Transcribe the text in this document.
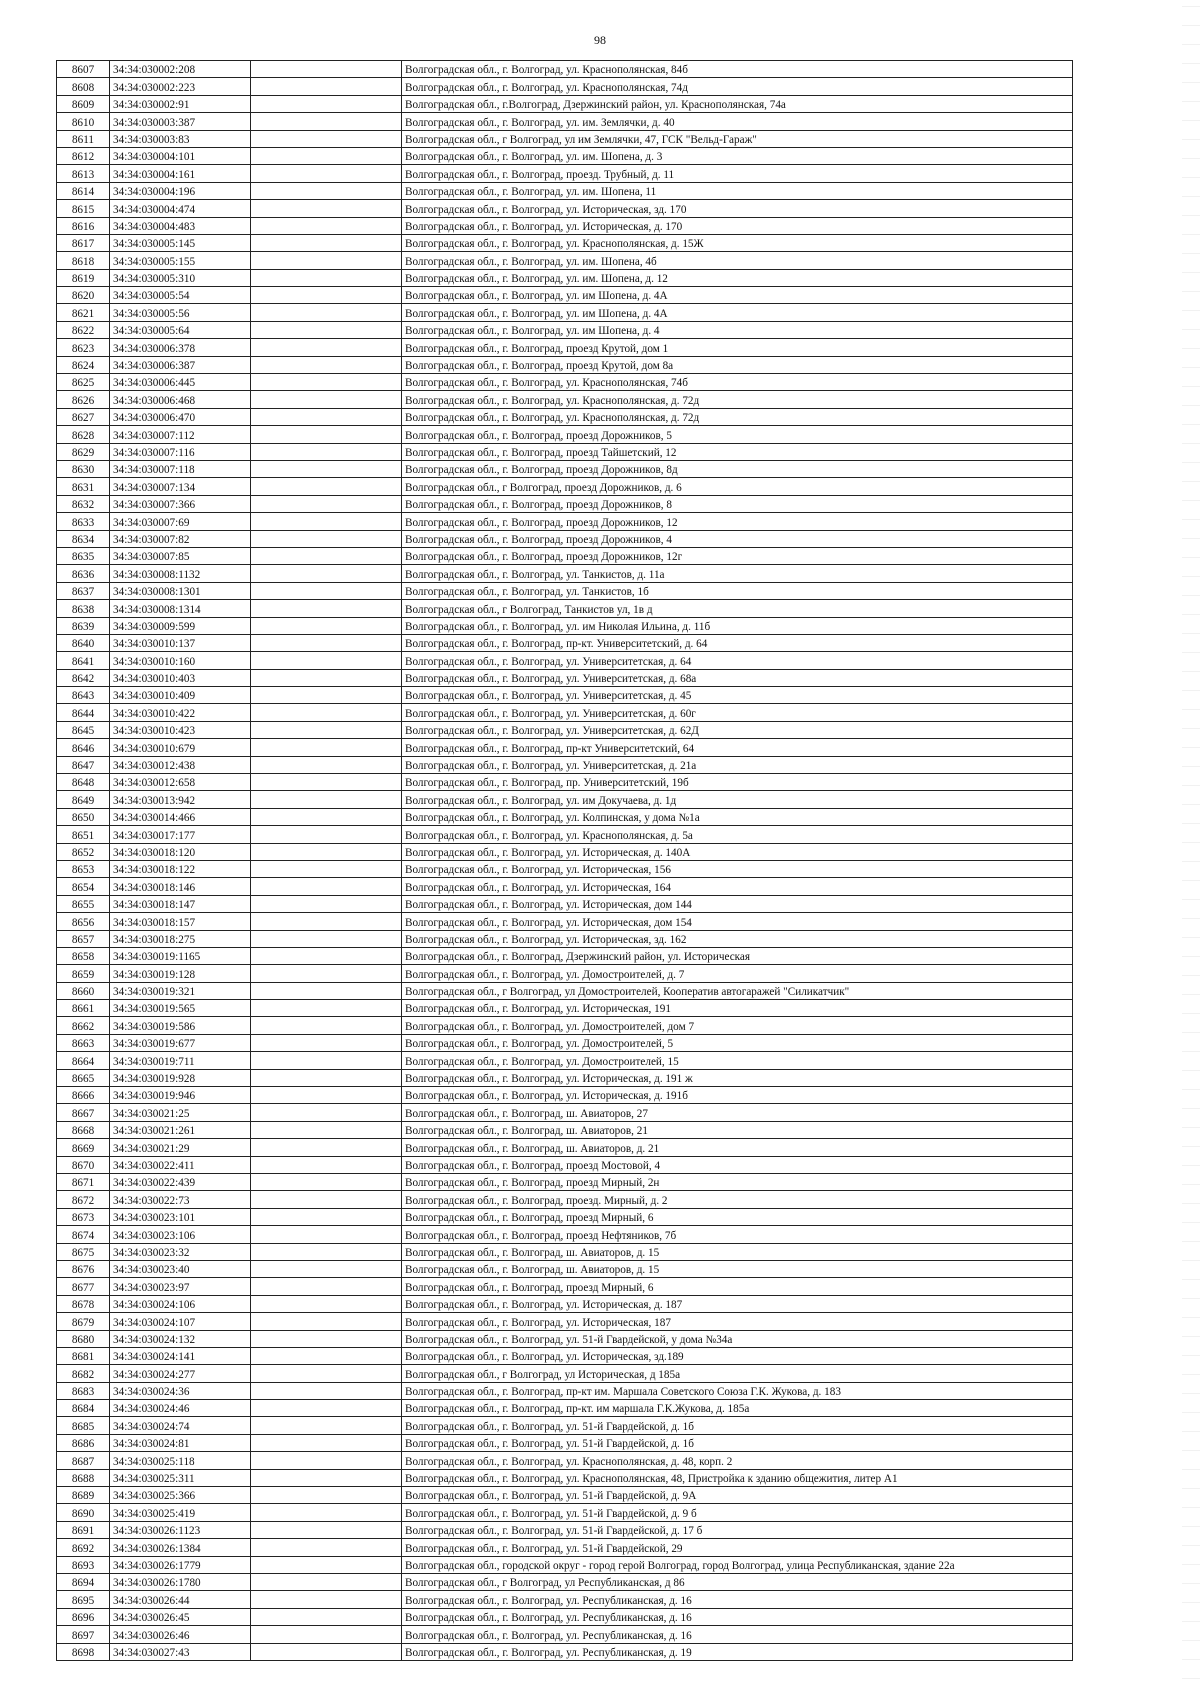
98
8607	34:34:030002:208		Волгоградская обл., г. Волгоград, ул. Краснополянская, 84б
8608	34:34:030002:223		Волгоградская обл., г. Волгоград, ул. Краснополянская, 74д
8609	34:34:030002:91		Волгоградская обл., г.Волгоград, Дзержинский район, ул. Краснополянская, 74а
8610	34:34:030003:387		Волгоградская обл., г. Волгоград, ул. им. Землячки, д. 40
8611	34:34:030003:83		Волгоградская обл., г Волгоград, ул им Землячки, 47, ГСК "Вельд-Гараж"
8612	34:34:030004:101		Волгоградская обл., г. Волгоград, ул. им. Шопена, д. 3
8613	34:34:030004:161		Волгоградская обл., г. Волгоград, проезд. Трубный, д. 11
8614	34:34:030004:196		Волгоградская обл., г. Волгоград, ул. им. Шопена, 11
8615	34:34:030004:474		Волгоградская обл., г. Волгоград, ул. Историческая, зд. 170
8616	34:34:030004:483		Волгоградская обл., г. Волгоград, ул. Историческая, д. 170
8617	34:34:030005:145		Волгоградская обл., г. Волгоград, ул. Краснополянская, д. 15Ж
8618	34:34:030005:155		Волгоградская обл., г. Волгоград, ул. им. Шопена, 4б
8619	34:34:030005:310		Волгоградская обл., г. Волгоград, ул. им. Шопена, д. 12
8620	34:34:030005:54		Волгоградская обл., г. Волгоград, ул. им Шопена, д. 4А
8621	34:34:030005:56		Волгоградская обл., г. Волгоград, ул. им Шопена, д. 4А
8622	34:34:030005:64		Волгоградская обл., г. Волгоград, ул. им Шопена, д. 4
8623	34:34:030006:378		Волгоградская обл., г. Волгоград, проезд Крутой, дом 1
8624	34:34:030006:387		Волгоградская обл., г. Волгоград, проезд Крутой, дом 8а
8625	34:34:030006:445		Волгоградская обл., г. Волгоград, ул. Краснополянская, 74б
8626	34:34:030006:468		Волгоградская обл., г. Волгоград, ул. Краснополянская, д. 72д
8627	34:34:030006:470		Волгоградская обл., г. Волгоград, ул. Краснополянская, д. 72д
8628	34:34:030007:112		Волгоградская обл., г. Волгоград, проезд Дорожников, 5
8629	34:34:030007:116		Волгоградская обл., г. Волгоград, проезд Тайшетский, 12
8630	34:34:030007:118		Волгоградская обл., г. Волгоград, проезд Дорожников, 8д
8631	34:34:030007:134		Волгоградская обл., г Волгоград, проезд Дорожников, д. 6
8632	34:34:030007:366		Волгоградская обл., г. Волгоград, проезд Дорожников, 8
8633	34:34:030007:69		Волгоградская обл., г. Волгоград, проезд Дорожников, 12
8634	34:34:030007:82		Волгоградская обл., г. Волгоград, проезд Дорожников, 4
8635	34:34:030007:85		Волгоградская обл., г. Волгоград, проезд Дорожников, 12г
8636	34:34:030008:1132		Волгоградская обл., г. Волгоград, ул. Танкистов, д. 11а
8637	34:34:030008:1301		Волгоградская обл., г. Волгоград, ул. Танкистов, 1б
8638	34:34:030008:1314		Волгоградская обл., г Волгоград, Танкистов ул, 1в д
8639	34:34:030009:599		Волгоградская обл., г. Волгоград, ул. им Николая Ильина, д. 11б
8640	34:34:030010:137		Волгоградская обл., г. Волгоград, пр-кт. Университетский, д. 64
8641	34:34:030010:160		Волгоградская обл., г. Волгоград, ул. Университетская, д. 64
8642	34:34:030010:403		Волгоградская обл., г. Волгоград, ул. Университетская, д. 68а
8643	34:34:030010:409		Волгоградская обл., г. Волгоград, ул. Университетская, д. 45
8644	34:34:030010:422		Волгоградская обл., г. Волгоград, ул. Университетская, д. 60г
8645	34:34:030010:423		Волгоградская обл., г. Волгоград, ул. Университетская, д. 62Д
8646	34:34:030010:679		Волгоградская обл., г. Волгоград, пр-кт Университетский, 64
8647	34:34:030012:438		Волгоградская обл., г. Волгоград, ул. Университетская, д. 21а
8648	34:34:030012:658		Волгоградская обл., г. Волгоград, пр. Университетский, 19б
8649	34:34:030013:942		Волгоградская обл., г. Волгоград, ул. им Докучаева, д. 1д
8650	34:34:030014:466		Волгоградская обл., г. Волгоград, ул. Колпинская, у дома №1а
8651	34:34:030017:177		Волгоградская обл., г. Волгоград, ул. Краснополянская, д. 5а
8652	34:34:030018:120		Волгоградская обл., г. Волгоград, ул. Историческая, д. 140А
8653	34:34:030018:122		Волгоградская обл., г. Волгоград, ул. Историческая, 156
8654	34:34:030018:146		Волгоградская обл., г. Волгоград, ул. Историческая, 164
8655	34:34:030018:147		Волгоградская обл., г. Волгоград, ул. Историческая, дом 144
8656	34:34:030018:157		Волгоградская обл., г. Волгоград, ул. Историческая, дом 154
8657	34:34:030018:275		Волгоградская обл., г. Волгоград, ул. Историческая, зд. 162
8658	34:34:030019:1165		Волгоградская обл., г. Волгоград, Дзержинский район, ул. Историческая
8659	34:34:030019:128		Волгоградская обл., г. Волгоград, ул. Домостроителей, д. 7
8660	34:34:030019:321		Волгоградская обл., г Волгоград, ул Домостроителей, Кооператив автогаражей "Силикатчик"
8661	34:34:030019:565		Волгоградская обл., г. Волгоград, ул. Историческая, 191
8662	34:34:030019:586		Волгоградская обл., г. Волгоград, ул. Домостроителей, дом 7
8663	34:34:030019:677		Волгоградская обл., г. Волгоград, ул. Домостроителей, 5
8664	34:34:030019:711		Волгоградская обл., г. Волгоград, ул. Домостроителей, 15
8665	34:34:030019:928		Волгоградская обл., г. Волгоград, ул. Историческая, д. 191 ж
8666	34:34:030019:946		Волгоградская обл., г. Волгоград, ул. Историческая, д. 191б
8667	34:34:030021:25		Волгоградская обл., г. Волгоград, ш. Авиаторов, 27
8668	34:34:030021:261		Волгоградская обл., г. Волгоград, ш. Авиаторов, 21
8669	34:34:030021:29		Волгоградская обл., г. Волгоград, ш. Авиаторов, д. 21
8670	34:34:030022:411		Волгоградская обл., г. Волгоград, проезд Мостовой, 4
8671	34:34:030022:439		Волгоградская обл., г. Волгоград, проезд Мирный, 2н
8672	34:34:030022:73		Волгоградская обл., г. Волгоград, проезд. Мирный, д. 2
8673	34:34:030023:101		Волгоградская обл., г. Волгоград, проезд Мирный, 6
8674	34:34:030023:106		Волгоградская обл., г. Волгоград, проезд Нефтяников, 7б
8675	34:34:030023:32		Волгоградская обл., г. Волгоград, ш. Авиаторов, д. 15
8676	34:34:030023:40		Волгоградская обл., г. Волгоград, ш. Авиаторов, д. 15
8677	34:34:030023:97		Волгоградская обл., г. Волгоград, проезд Мирный, 6
8678	34:34:030024:106		Волгоградская обл., г. Волгоград, ул. Историческая, д. 187
8679	34:34:030024:107		Волгоградская обл., г. Волгоград, ул. Историческая, 187
8680	34:34:030024:132		Волгоградская обл., г. Волгоград, ул. 51-й Гвардейской, у дома №34а
8681	34:34:030024:141		Волгоградская обл., г. Волгоград, ул. Историческая, зд.189
8682	34:34:030024:277		Волгоградская обл., г Волгоград, ул Историческая, д 185а
8683	34:34:030024:36		Волгоградская обл., г. Волгоград, пр-кт им. Маршала Советского Союза Г.К. Жукова, д. 183
8684	34:34:030024:46		Волгоградская обл., г. Волгоград, пр-кт. им маршала Г.К.Жукова, д. 185а
8685	34:34:030024:74		Волгоградская обл., г. Волгоград, ул. 51-й Гвардейской, д. 1б
8686	34:34:030024:81		Волгоградская обл., г. Волгоград, ул. 51-й Гвардейской, д. 1б
8687	34:34:030025:118		Волгоградская обл., г. Волгоград, ул. Краснополянская, д. 48, корп. 2
8688	34:34:030025:311		Волгоградская обл., г. Волгоград, ул. Краснополянская, 48, Пристройка к зданию общежития, литер А1
8689	34:34:030025:366		Волгоградская обл., г. Волгоград, ул. 51-й Гвардейской, д. 9А
8690	34:34:030025:419		Волгоградская обл., г. Волгоград, ул. 51-й Гвардейской, д. 9 б
8691	34:34:030026:1123		Волгоградская обл., г. Волгоград, ул. 51-й Гвардейской, д. 17 б
8692	34:34:030026:1384		Волгоградская обл., г. Волгоград, ул. 51-й Гвардейской, 29
8693	34:34:030026:1779		Волгоградская обл., городской округ - город герой Волгоград, город Волгоград, улица Республиканская, здание 22а
8694	34:34:030026:1780		Волгоградская обл., г Волгоград, ул Республиканская, д 86
8695	34:34:030026:44		Волгоградская обл., г. Волгоград, ул. Республиканская, д. 16
8696	34:34:030026:45		Волгоградская обл., г. Волгоград, ул. Республиканская, д. 16
8697	34:34:030026:46		Волгоградская обл., г. Волгоград, ул. Республиканская, д. 16
8698	34:34:030027:43		Волгоградская обл., г. Волгоград, ул. Республиканская, д. 19
